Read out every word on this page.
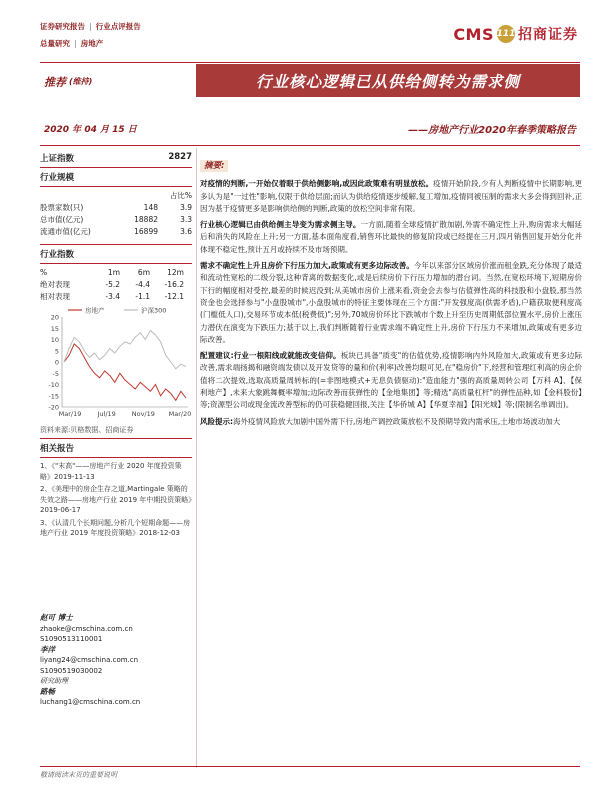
证券研究报告 | 行业点评报告
总量研究 | 房地产	CMS 111 招商证券
推荐 (维持)	行业核心逻辑已从供给侧转为需求侧
2020 年 04 月 15 日	——房地产行业2020年春季策略报告
上证指数	2827
行业规模
占比%
股票家数(只)	148	3.9
总市值(亿元)	18882	3.3
流通市值(亿元)	16899	3.6
行业指数
%	1m	6m	12m
绝对表现	-5.2	-4.4	-16.2
相对表现	-3.4	-1.1	-12.1
20
15
10
5
0
-5
-10
-15
-20
Mar/19 Jul/19 Nov/19 Mar/20
房地产	沪深300
资料来源:贝格数据、招商证券
相关报告
1、《"末高"——房地产行业 2020 年度投资策略》2019-11-13
2、《美理中的房企生存之道,Martingale 策略的失效之路——房地产行业 2019 年中期投资策略》2019-06-17
3、《认清几个长期问题,分析几个短期命题——房地产行业 2019 年度投资策略》2018-12-03
赵可 博士
zhaoke@cmschina.com.cn
S1090513110001
李洋
liyang24@cmschina.com.cn
S1090519030002
研究助理
路畅
luchang1@cmschina.com.cn
摘要:

对疫情的判断,一开始仅着眼于供给侧影响,或因此政策难有明显放松。疫情开始阶段,少有人判断疫情中长期影响,更多认为是"一过性"影响,仅限于供给层面;而认为供给疫情逐步缓解,复工增加,疫情同被压制的需求大多会得到回补,正因为基于疫情更多是影响供给侧的判断,政策的放松空间非常有限。

行业核心逻辑已由供给侧主导变为需求侧主导。一方面,随着全球疫情扩散加剧,外需不确定性上升,购房需求大幅延后和消失的风险在上升;另一方面,基本面角度看,销售环比最快的修复阶段或已经提在三月,四月销售回复开始分化并体现不稳定性,预计五月或持续不及市场预期。

需求不确定性上升且房价下行压力加大,政策或有更多边际改善。今年以来部分区域房价涨而租金跌,充分体现了最适和流动性宽松的二级分裂,这种背离的数据变化,或是后续房价下行压力增加的潜台词。当然,在宽松环境下,短期房价下行的幅度相对受控,最差的时候迟没到;从美城市房价上涨来看,资金会去参与估值弹性高的科技股和小盘股,那当然资金也会选择参与"小盘股城市",小盘股城市的特征主要体现在三个方面:"开发强度高(供需矛盾),户籍获取便利度高(门槛低人口),交易环节成本低(税费低)";另外,70城房价环比下跌城市个数上升至历史周期低部位置水平,房价上涨压力潜伏在演变为下跌压力;基于以上,我们判断随着行业需求端不确定性上升,房价下行压力不来增加,政策或有更多边际改善。

配置建议:行业一根阳线或就能改变信仰。板块已具备"质变"的估值优势,疫情影响内外风险加大,政策或有更多边际改善,需求端扬揭和融资端发债以及开发贷等的量和价(利率)改善均眼可见,在"稳房价"下,经营和管理红利高的房企价值将二次提效,选取高质量周转标的(=非图地模式+无息负债驱动):"造血能力"强的高质量周转公司【万科 A】、【保利地产】,未来大象跳舞概率增加;边际改善而获弹性的【金地集团】等;精选"高质量杠杆"的弹性品种,如【金科股份】等;资源型公司或现金流改善型标的仍可获稳健回报,关注【华侨城 A】【华夏幸福】【阳光城】等;(限制名单调出)。

风险提示:海外疫情风险放大加剧中国外需下行,房地产调控政策放松不及预期导致内需承压,土地市场波动加大

敬请阅读末页的重要说明
